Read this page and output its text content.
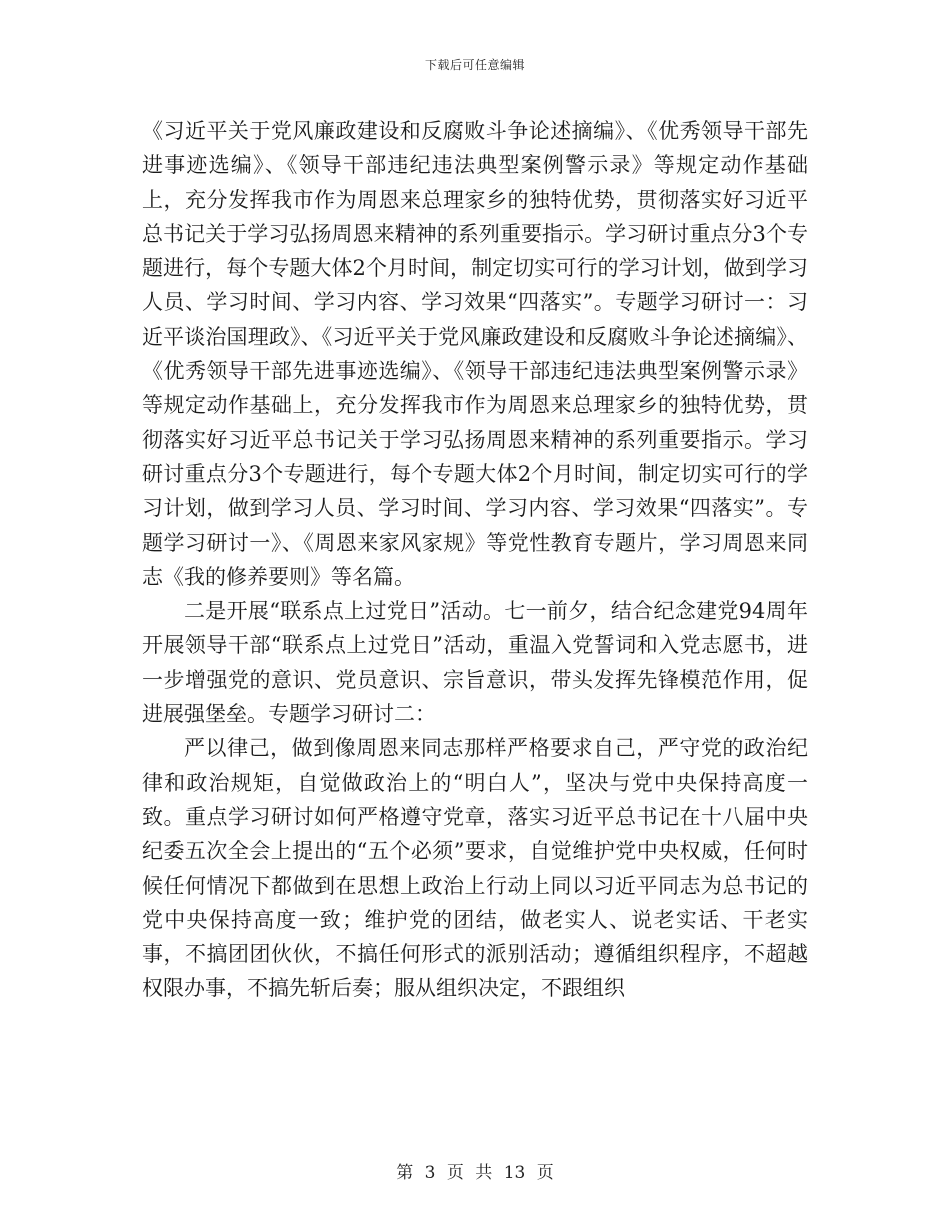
下载后可任意编辑

《习近平关于党风廉政建设和反腐败斗争论述摘编》、《优秀领导干部先进事迹选编》、《领导干部违纪违法典型案例警示录》等规定动作基础上，充分发挥我市作为周恩来总理家乡的独特优势，贯彻落实好习近平总书记关于学习弘扬周恩来精神的系列重要指示。学习研讨重点分3个专题进行，每个专题大体2个月时间，制定切实可行的学习计划，做到学习人员、学习时间、学习内容、学习效果“四落实”。专题学习研讨一：习近平谈治国理政》、《习近平关于党风廉政建设和反腐败斗争论述摘编》、《优秀领导干部先进事迹选编》、《领导干部违纪违法典型案例警示录》等规定动作基础上，充分发挥我市作为周恩来总理家乡的独特优势，贯彻落实好习近平总书记关于学习弘扬周恩来精神的系列重要指示。学习研讨重点分3个专题进行，每个专题大体2个月时间，制定切实可行的学习计划，做到学习人员、学习时间、学习内容、学习效果“四落实”。专题学习研讨一》、《周恩来家风家规》等党性教育专题片，学习周恩来同志《我的修养要则》等名篇。

二是开展“联系点上过党日”活动。七一前夕，结合纪念建党94周年开展领导干部“联系点上过党日”活动，重温入党誓词和入党志愿书，进一步增强党的意识、党员意识、宗旨意识，带头发挥先锋模范作用，促进展强堡垒。专题学习研讨二：

严以律己，做到像周恩来同志那样严格要求自己，严守党的政治纪律和政治规矩，自觉做政治上的“明白人”，坚决与党中央保持高度一致。重点学习研讨如何严格遵守党章，落实习近平总书记在十八届中央纪委五次全会上提出的“五个必须”要求，自觉维护党中央权威，任何时候任何情况下都做到在思想上政治上行动上同以习近平同志为总书记的党中央保持高度一致；维护党的团结，做老实人、说老实话、干老实事，不搞团团伙伙，不搞任何形式的派别活动；遵循组织程序，不超越权限办事，不搞先斩后奏；服从组织决定，不跟组织

第 3 页 共 13 页
